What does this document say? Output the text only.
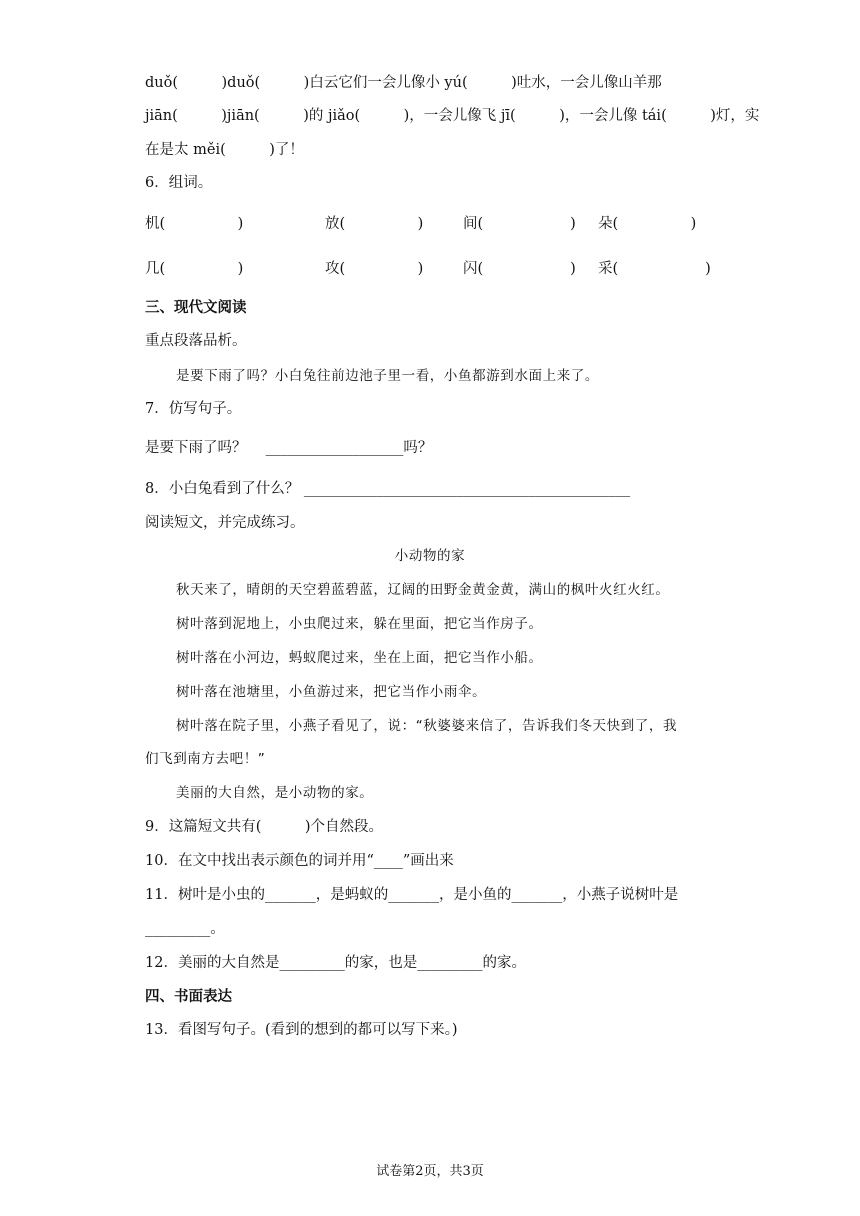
duǒ(　　　)duǒ(　　　)白云它们一会儿像小 yú(　　　)吐水，一会儿像山羊那
jiān(　　　)jiān(　　　)的 jiǎo(　　　)，一会儿像飞 jī(　　　)，一会儿像 tái(　　　)灯，实
在是太 měi(　　　)了！
6．组词。
机(　　　　　)	放(　　　　　)	间(　　　　　　) 朵(　　　　　)
几(　　　　　)	攻(　　　　　)	闪(　　　　　　) 采(　　　　　　)
三、现代文阅读
重点段落品析。
是要下雨了吗？小白兔往前边池子里一看，小鱼都游到水面上来了。
7．仿写句子。
是要下雨了吗？　 ___________________吗？
8．小白兔看到了什么？ _____________________________________________
阅读短文，并完成练习。
小动物的家
秋天来了，晴朗的天空碧蓝碧蓝，辽阔的田野金黄金黄，满山的枫叶火红火红。
树叶落到泥地上，小虫爬过来，躲在里面，把它当作房子。
树叶落在小河边，蚂蚁爬过来，坐在上面，把它当作小船。
树叶落在池塘里，小鱼游过来，把它当作小雨伞。
树叶落在院子里，小燕子看见了，说：“秋婆婆来信了，告诉我们冬天快到了，我
们飞到南方去吧！”
美丽的大自然，是小动物的家。
9．这篇短文共有(　　　)个自然段。
10．在文中找出表示颜色的词并用“____”画出来
11．树叶是小虫的_______，是蚂蚁的_______，是小鱼的_______，小燕子说树叶是
_________。
12．美丽的大自然是_________的家，也是_________的家。
四、书面表达
13．看图写句子。(看到的想到的都可以写下来。)
试卷第2页，共3页
